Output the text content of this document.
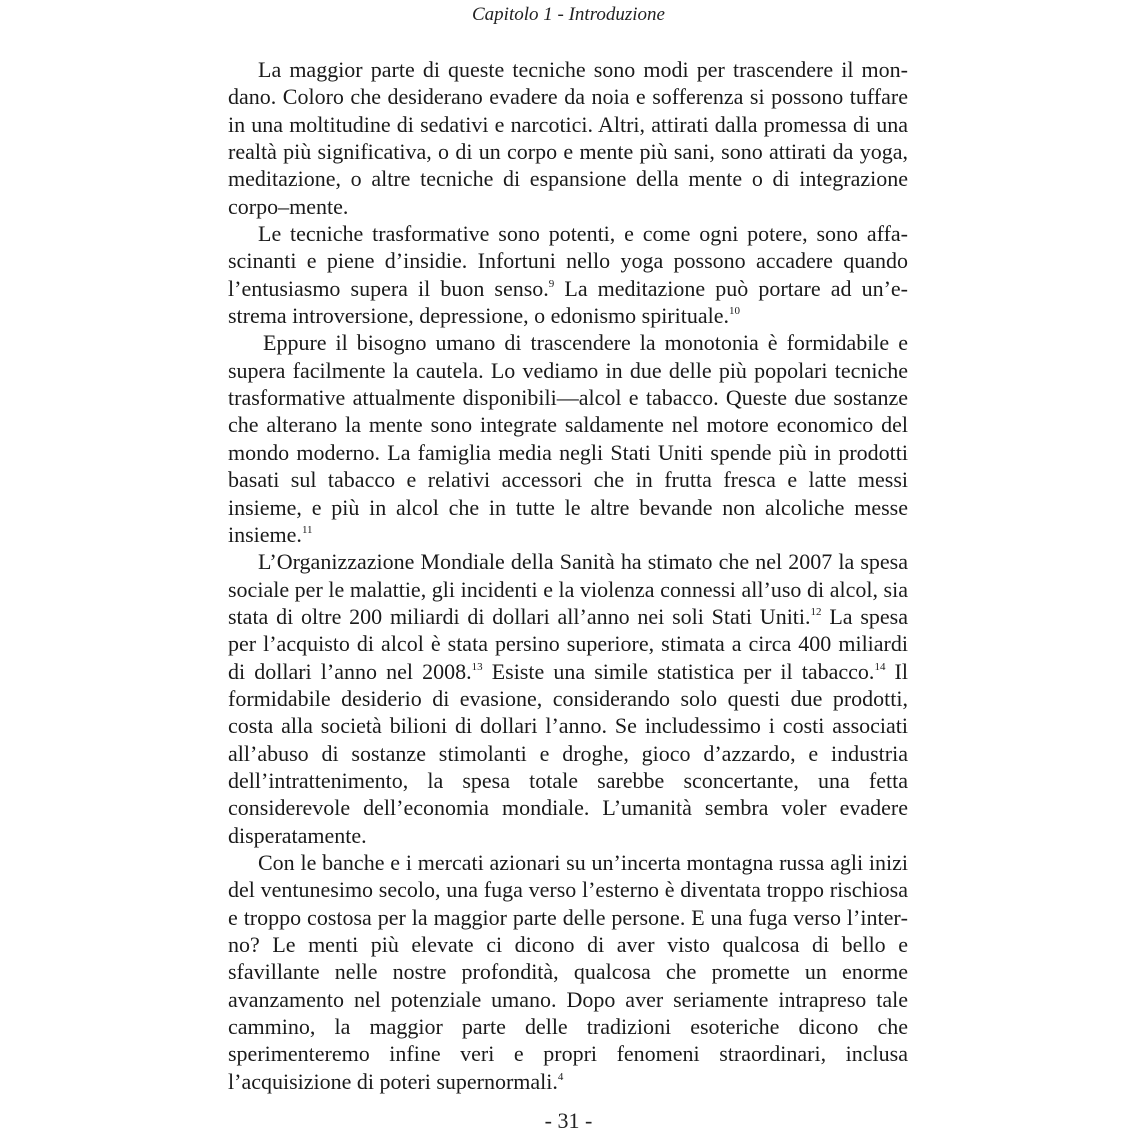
Capitolo 1 - Introduzione

La maggior parte di queste tecniche sono modi per trascendere il mondano. Coloro che desiderano evadere da noia e sofferenza si possono tuffare in una moltitudine di sedativi e narcotici. Altri, attirati dalla promessa di una realtà più significativa, o di un corpo e mente più sani, sono attirati da yoga, meditazione, o altre tecniche di espansione della mente o di integrazione corpo–mente.

Le tecniche trasformative sono potenti, e come ogni potere, sono affascinanti e piene d’insidie. Infortuni nello yoga possono accadere quando l’entusiasmo supera il buon senso.$^9$ La meditazione può portare ad un’estrema introversione, depressione, o edonismo spirituale.$^{10}$

Eppure il bisogno umano di trascendere la monotonia è formidabile e supera facilmente la cautela. Lo vediamo in due delle più popolari tecniche trasformative attualmente disponibili—alcol e tabacco. Queste due sostanze che alterano la mente sono integrate saldamente nel motore economico del mondo moderno. La famiglia media negli Stati Uniti spende più in prodotti basati sul tabacco e relativi accessori che in frutta fresca e latte messi insieme, e più in alcol che in tutte le altre bevande non alcoliche messe insieme.$^{11}$

L’Organizzazione Mondiale della Sanità ha stimato che nel 2007 la spesa sociale per le malattie, gli incidenti e la violenza connessi all’uso di alcol, sia stata di oltre 200 miliardi di dollari all’anno nei soli Stati Uniti.$^{12}$ La spesa per l’acquisto di alcol è stata persino superiore, stimata a circa 400 miliardi di dollari l’anno nel 2008.13 Esiste una simile statistica per il tabacco.$^{14}$ Il formidabile desiderio di evasione, considerando solo questi due prodotti, costa alla società bilioni di dollari l’anno. Se includessimo i costi associati all’abuso di sostanze stimolanti e droghe, gioco d’azzardo, e industria dell’intrattenimento, la spesa totale sarebbe sconcertante, una fetta considerevole dell’economia mondiale. L’umanità sembra voler evadere disperatamente.

Con le banche e i mercati azionari su un’incerta montagna russa agli inizi del ventunesimo secolo, una fuga verso l’esterno è diventata troppo rischiosa e troppo costosa per la maggior parte delle persone. E una fuga verso l’interno? Le menti più elevate ci dicono di aver visto qualcosa di bello e sfavillante nelle nostre profondità, qualcosa che promette un enorme avanzamento nel potenziale umano. Dopo aver seriamente intrapreso tale cammino, la maggior parte delle tradizioni esoteriche dicono che sperimenteremo infine veri e propri fenomeni straordinari, inclusa l’acquisizione di poteri supernormali.$^4$

- 31 -
